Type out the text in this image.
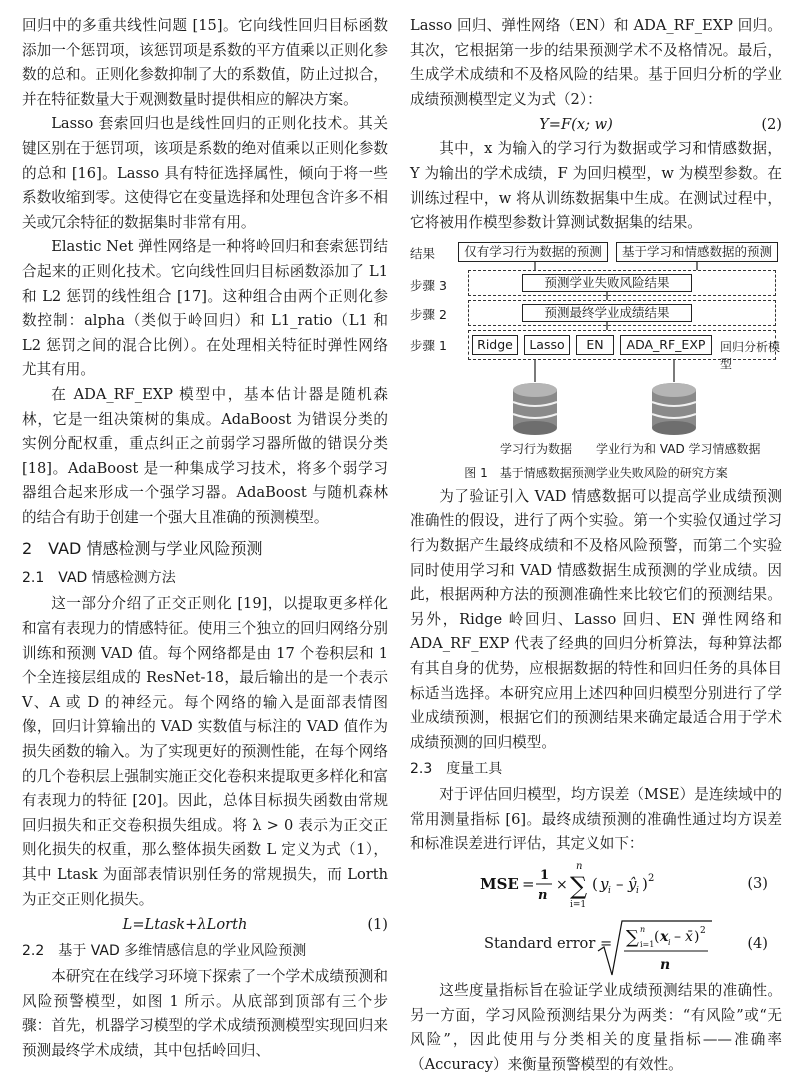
回归中的多重共线性问题 [15]。它向线性回归目标函数添加一个惩罚项，该惩罚项是系数的平方值乘以正则化参数的总和。正则化参数抑制了大的系数值，防止过拟合，并在特征数量大于观测数量时提供相应的解决方案。

Lasso 套索回归也是线性回归的正则化技术。其关键区别在于惩罚项，该项是系数的绝对值乘以正则化参数的总和 [16]。Lasso 具有特征选择属性，倾向于将一些系数收缩到零。这使得它在变量选择和处理包含许多不相关或冗余特征的数据集时非常有用。

Elastic Net 弹性网络是一种将岭回归和套索惩罚结合起来的正则化技术。它向线性回归目标函数添加了 L1 和 L2 惩罚的线性组合 [17]。这种组合由两个正则化参数控制：alpha（类似于岭回归）和 L1_ratio（L1 和 L2 惩罚之间的混合比例）。在处理相关特征时弹性网络尤其有用。

在 ADA_RF_EXP 模型中，基本估计器是随机森林，它是一组决策树的集成。AdaBoost 为错误分类的实例分配权重，重点纠正之前弱学习器所做的错误分类 [18]。AdaBoost 是一种集成学习技术，将多个弱学习器组合起来形成一个强学习器。AdaBoost 与随机森林的结合有助于创建一个强大且准确的预测模型。

2　VAD 情感检测与学业风险预测
2.1　VAD 情感检测方法

这一部分介绍了正交正则化 [19]，以提取更多样化和富有表现力的情感特征。使用三个独立的回归网络分别训练和预测 VAD 值。每个网络都是由 17 个卷积层和 1 个全连接层组成的 ResNet-18，最后输出的是一个表示 V、A 或 D 的神经元。每个网络的输入是面部表情图像，回归计算输出的 VAD 实数值与标注的 VAD 值作为损失函数的输入。为了实现更好的预测性能，在每个网络的几个卷积层上强制实施正交化卷积来提取更多样化和富有表现力的特征 [20]。因此，总体目标损失函数由常规回归损失和正交卷积损失组成。将 λ > 0 表示为正交正则化损失的权重，那么整体损失函数 L 定义为式（1），其中 Ltask 为面部表情识别任务的常规损失，而 Lorth 为正交正则化损失。

L=Ltask+λLorth	(1)
2.2　基于 VAD 多维情感信息的学业风险预测

本研究在在线学习环境下探索了一个学术成绩预测和风险预警模型，如图 1 所示。从底部到顶部有三个步骤：首先，机器学习模型的学术成绩预测模型实现回归来预测最终学术成绩，其中包括岭回归、

Lasso 回归、弹性网络（EN）和 ADA_RF_EXP 回归。其次，它根据第一步的结果预测学术不及格情况。最后，生成学术成绩和不及格风险的结果。基于回归分析的学业成绩预测模型定义为式（2）：

Y=F(x; w)	(2)

其中，x 为输入的学习行为数据或学习和情感数据，Y 为输出的学术成绩，F 为回归模型，w 为模型参数。在训练过程中，w 将从训练数据集中生成。在测试过程中，它将被用作模型参数计算测试数据集的结果。

结果
步骤 3
步骤 2
步骤 1
仅有学习行为数据的预测	基于学习和情感数据的预测
预测学业失败风险结果
预测最终学业成绩结果
Ridge	Lasso	EN	ADA_RF_EXP	回归分析模型
学习行为数据 学业行为和 VAD 学习情感数据
图 1　基于情感数据预测学业失败风险的研究方案

为了验证引入 VAD 情感数据可以提高学业成绩预测准确性的假设，进行了两个实验。第一个实验仅通过学习行为数据产生最终成绩和不及格风险预警，而第二个实验同时使用学习和 VAD 情感数据生成预测的学业成绩。因此，根据两种方法的预测准确性来比较它们的预测结果。另外，Ridge 岭回归、Lasso 回归、EN 弹性网络和 ADA_RF_EXP 代表了经典的回归分析算法，每种算法都有其自身的优势，应根据数据的特性和回归任务的具体目标适当选择。本研究应用上述四种回归模型分别进行了学业成绩预测，根据它们的预测结果来确定最适合用于学术成绩预测的回归模型。

2.3　度量工具

对于评估回归模型，均方误差（MSE）是连续域中的常用测量指标 [6]。最终成绩预测的准确性通过均方误差和标准误差进行评估，其定义如下：

MSE = 1
n
×
n
∑
i=1
( y i – ŷ i ) 2	(3)
Standard error = ∑ n
i=1 ( x i – x̄ ) 2
n
(4)

这些度量指标旨在验证学业成绩预测结果的准确性。另一方面，学习风险预测结果分为两类：“有风险”或“无风险”，因此使用与分类相关的度量指标——准确率（Accuracy）来衡量预警模型的有效性。
